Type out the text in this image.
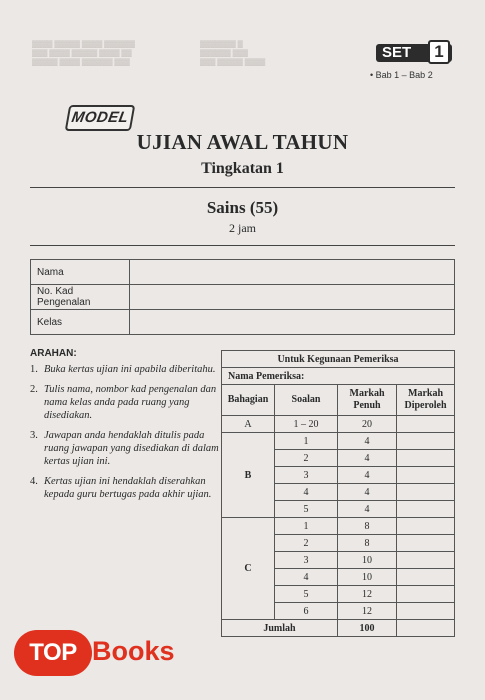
▓▓▓▓ ▓▓▓▓▓ ▓▓▓▓ ▓▓▓▓▓▓
▓▓▓ ▓▓▓▓ ▓▓▓▓▓ ▓▓▓▓ ▓▓
▓▓▓▓▓ ▓▓▓▓ ▓▓▓▓▓▓ ▓▓▓
▓▓▓▓▓▓▓ ▓
▓▓▓▓▓▓ ▓▓▓
▓▓▓ ▓▓▓▓▓ ▓▓▓▓
SET	1
• Bab 1 – Bab 2
MODEL
UJIAN AWAL TAHUN
Tingkatan 1
Sains (55)
2 jam
Nama	
No. Kad Pengenalan	
Kelas	
ARAHAN:
1. Buka kertas ujian ini apabila diberitahu.
2. Tulis nama, nombor kad pengenalan dan nama kelas anda pada ruang yang disediakan.
3. Jawapan anda hendaklah ditulis pada ruang jawapan yang disediakan di dalam kertas ujian ini.
4. Kertas ujian ini hendaklah diserahkan kepada guru bertugas pada akhir ujian.
Untuk Kegunaan Pemeriksa			
Nama Pemeriksa:			
Bahagian	Soalan	Markah Penuh	Markah Diperoleh
A	1 – 20	20	
B	1	4	
	2	4	
	3	4	
	4	4	
	5	4	
C	1	8	
	2	8	
	3	10	
	4	10	
	5	12	
	6	12	
Jumlah		100	
TOP Books
